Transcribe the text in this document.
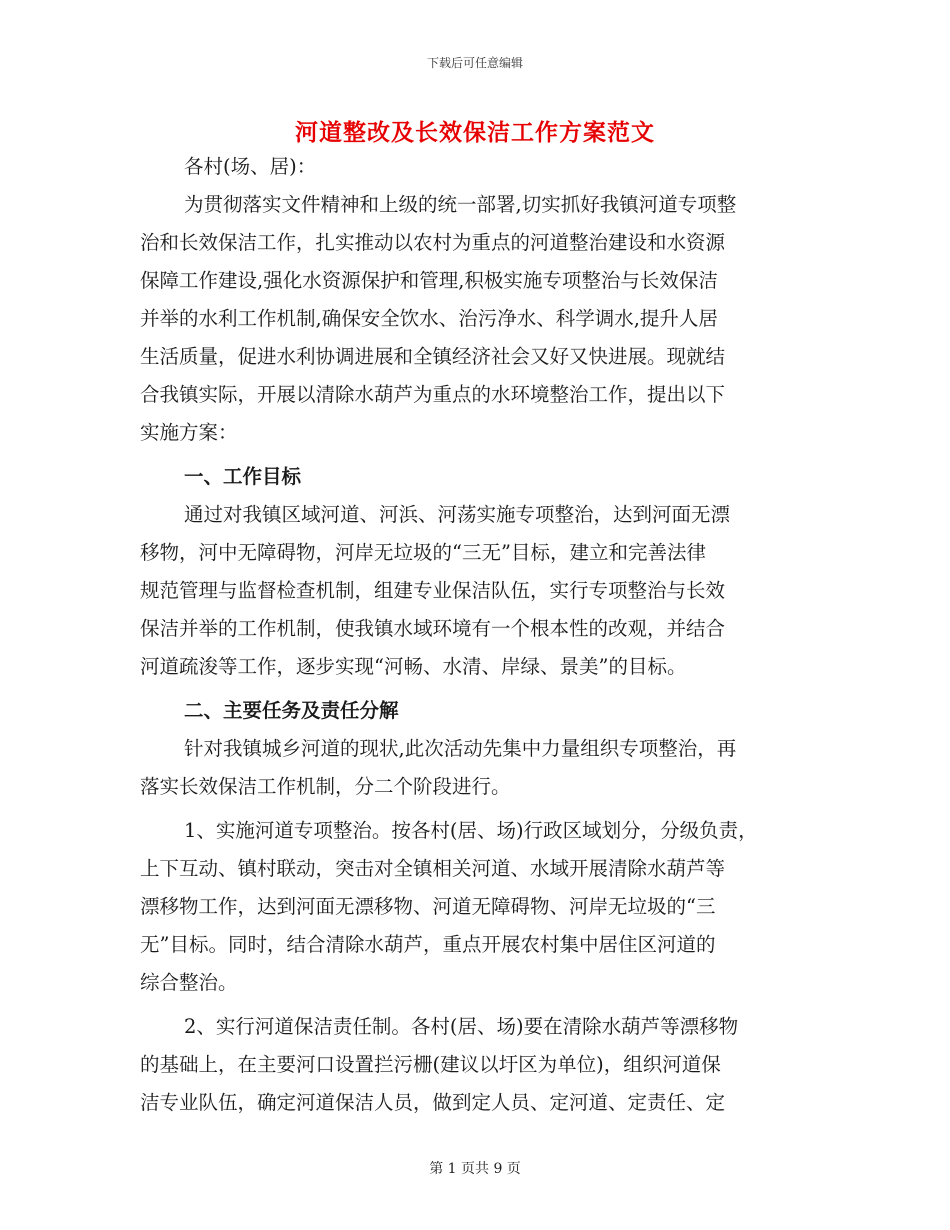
下载后可任意编辑
河道整改及长效保洁工作方案范文
各村(场、居)：
为贯彻落实文件精神和上级的统一部署,切实抓好我镇河道专项整
治和长效保洁工作，扎实推动以农村为重点的河道整治建设和水资源
保障工作建设,强化水资源保护和管理,积极实施专项整治与长效保洁
并举的水利工作机制,确保安全饮水、治污净水、科学调水,提升人居
生活质量，促进水利协调进展和全镇经济社会又好又快进展。现就结
合我镇实际，开展以清除水葫芦为重点的水环境整治工作，提出以下
实施方案：
一、工作目标
通过对我镇区域河道、河浜、河荡实施专项整治，达到河面无漂
移物，河中无障碍物，河岸无垃圾的“三无”目标，建立和完善法律
规范管理与监督检查机制，组建专业保洁队伍，实行专项整治与长效
保洁并举的工作机制，使我镇水域环境有一个根本性的改观，并结合
河道疏浚等工作，逐步实现“河畅、水清、岸绿、景美”的目标。
二、主要任务及责任分解
针对我镇城乡河道的现状,此次活动先集中力量组织专项整治，再
落实长效保洁工作机制，分二个阶段进行。
1、实施河道专项整治。按各村(居、场)行政区域划分，分级负责，
上下互动、镇村联动，突击对全镇相关河道、水域开展清除水葫芦等
漂移物工作，达到河面无漂移物、河道无障碍物、河岸无垃圾的“三
无”目标。同时，结合清除水葫芦，重点开展农村集中居住区河道的
综合整治。
2、实行河道保洁责任制。各村(居、场)要在清除水葫芦等漂移物
的基础上，在主要河口设置拦污栅(建议以圩区为单位)，组织河道保
洁专业队伍，确定河道保洁人员，做到定人员、定河道、定责任、定
第 1 页共 9 页
